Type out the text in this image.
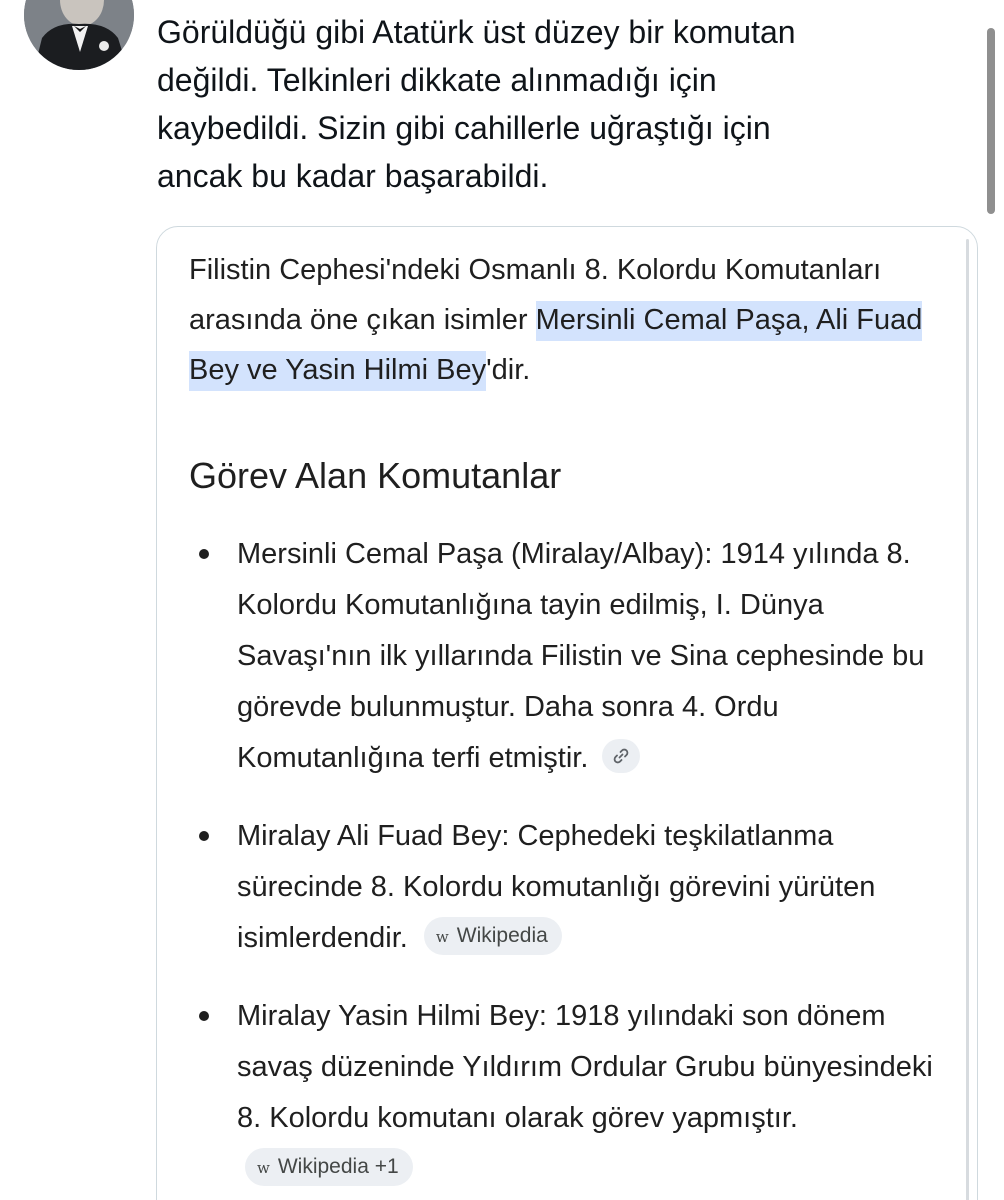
Görüldüğü gibi Atatürk üst düzey bir komutan
değildi. Telkinleri dikkate alınmadığı için
kaybedildi. Sizin gibi cahillerle uğraştığı için
ancak bu kadar başarabildi.
Filistin Cephesi'ndeki Osmanlı 8. Kolordu Komutanları arasında öne çıkan isimler Mersinli Cemal Paşa, Ali Fuad Bey ve Yasin Hilmi Bey'dir.
Görev Alan Komutanlar
Mersinli Cemal Paşa (Miralay/Albay): 1914 yılında 8. Kolordu Komutanlığına tayin edilmiş, I. Dünya Savaşı'nın ilk yıllarında Filistin ve Sina cephesinde bu görevde bulunmuştur. Daha sonra 4. Ordu Komutanlığına terfi etmiştir.
Miralay Ali Fuad Bey: Cephedeki teşkilatlanma sürecinde 8. Kolordu komutanlığı görevini yürüten isimlerdendir. w Wikipedia
Miralay Yasin Hilmi Bey: 1918 yılındaki son dönem savaş düzeninde Yıldırım Ordular Grubu bünyesindeki 8. Kolordu komutanı olarak görev yapmıştır. w Wikipedia +1
